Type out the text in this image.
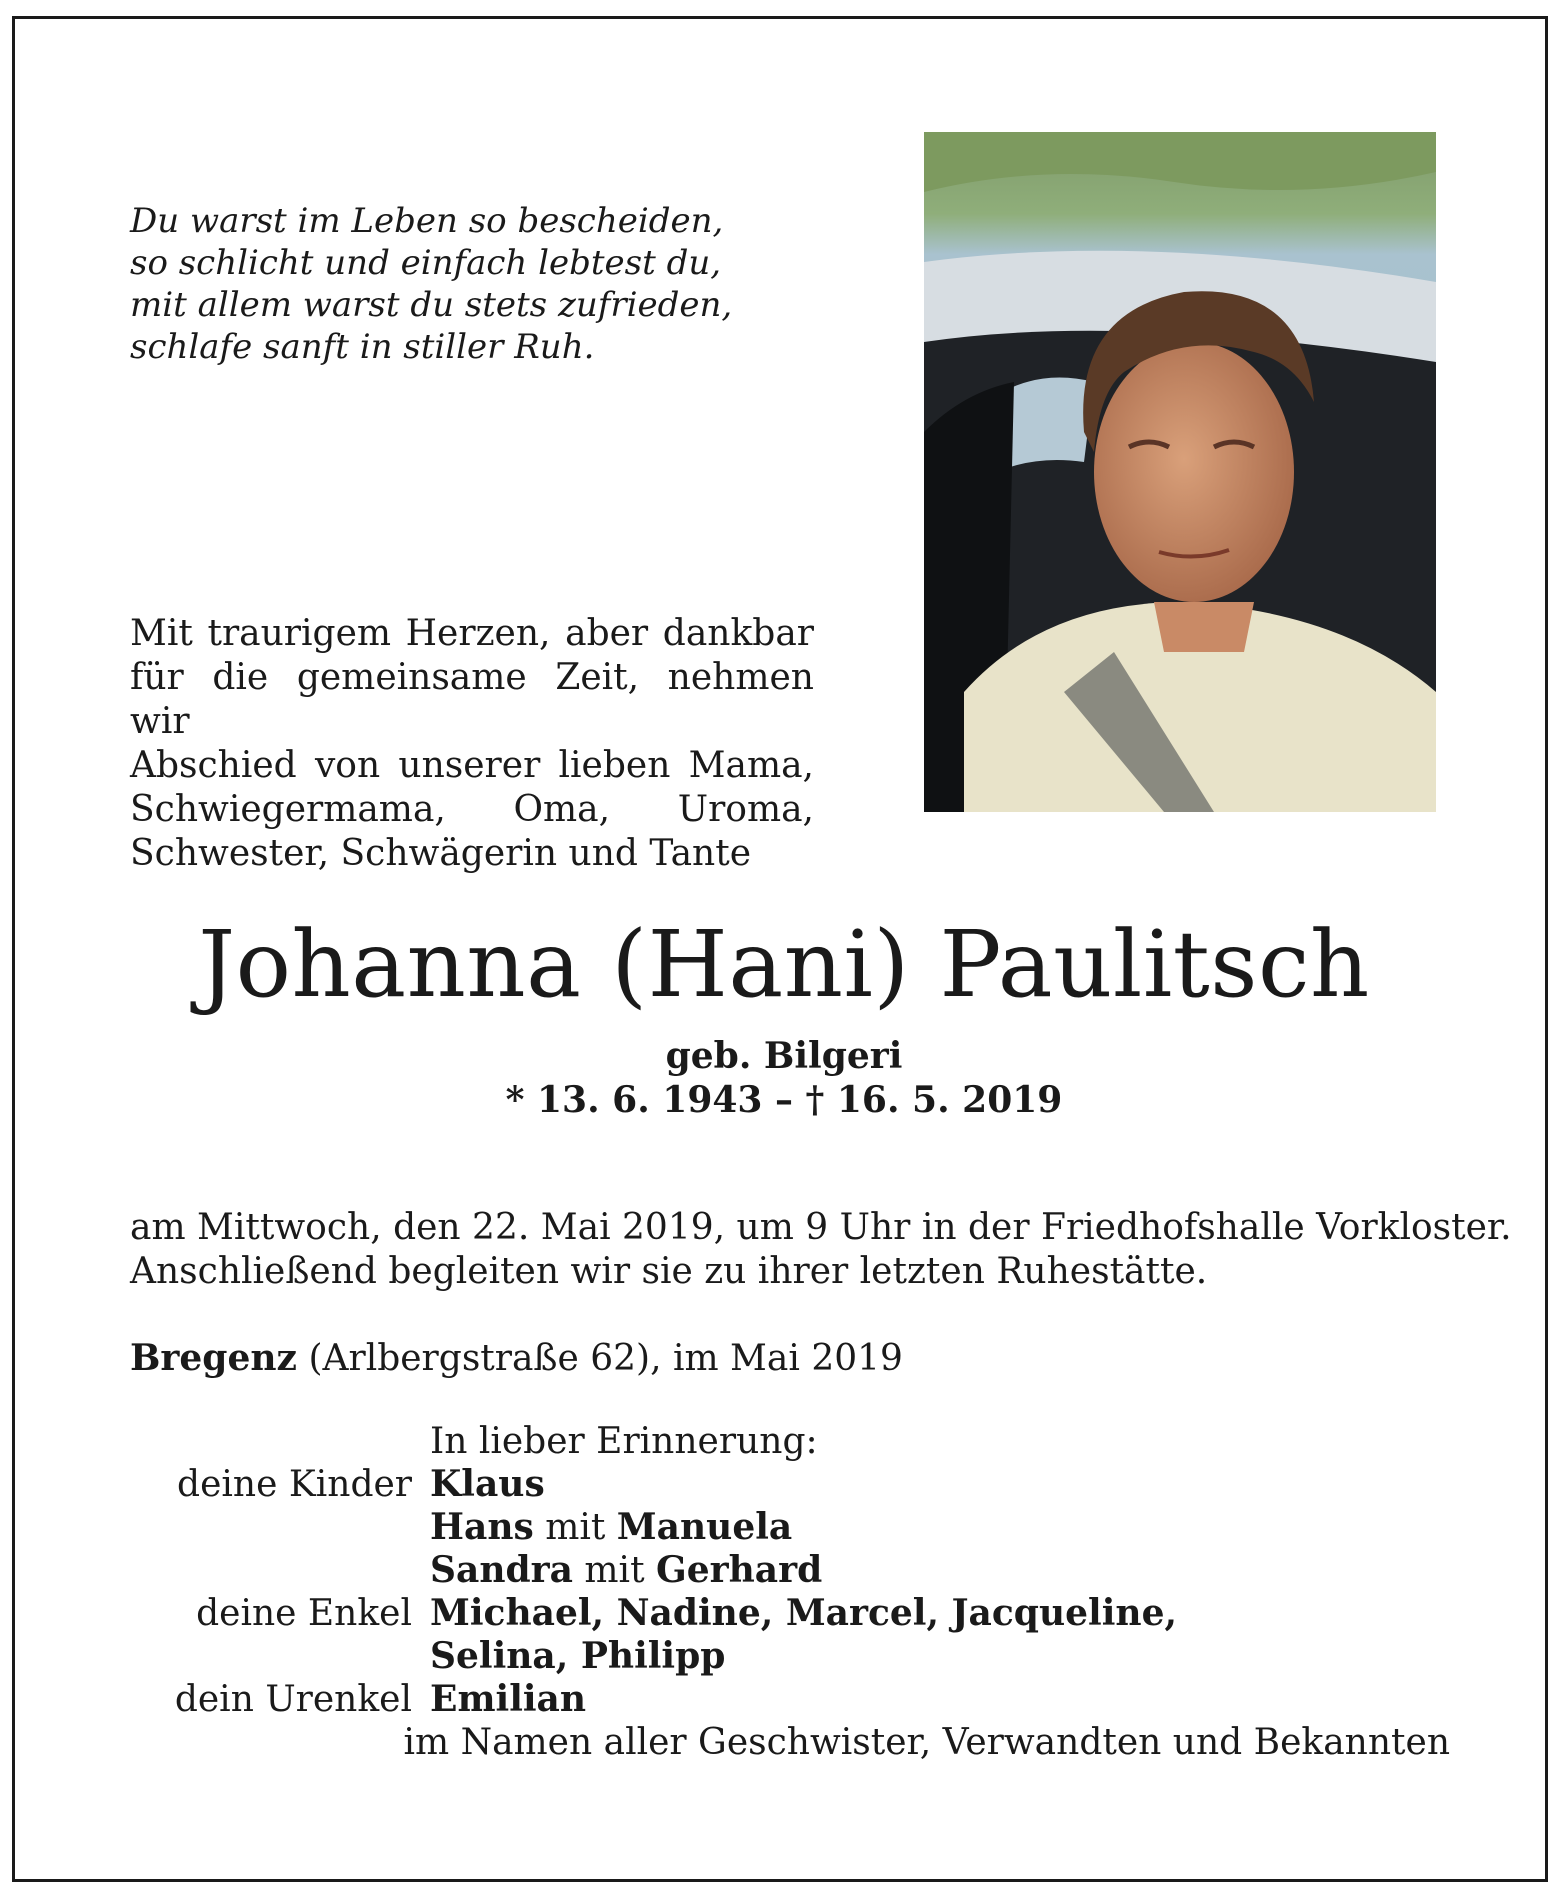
Du warst im Leben so bescheiden,
so schlicht und einfach lebtest du,
mit allem warst du stets zufrieden,
schlafe sanft in stiller Ruh.
Mit traurigem Herzen, aber dankbar
für die gemeinsame Zeit, nehmen wir
Abschied von unserer lieben Mama,
Schwiegermama, Oma, Uroma,
Schwester, Schwägerin und Tante
Johanna (Hani) Paulitsch
geb. Bilgeri
* 13. 6. 1943 – † 16. 5. 2019
am Mittwoch, den 22. Mai 2019, um 9 Uhr in der Friedhofshalle Vorkloster.
Anschließend begleiten wir sie zu ihrer letzten Ruhestätte.
Bregenz (Arlbergstraße 62), im Mai 2019
In lieber Erinnerung:
deine Kinder Klaus
Hans mit Manuela
Sandra mit Gerhard
deine Enkel Michael, Nadine, Marcel, Jacqueline,
Selina, Philipp
dein Urenkel Emilian
im Namen aller Geschwister, Verwandten und Bekannten
